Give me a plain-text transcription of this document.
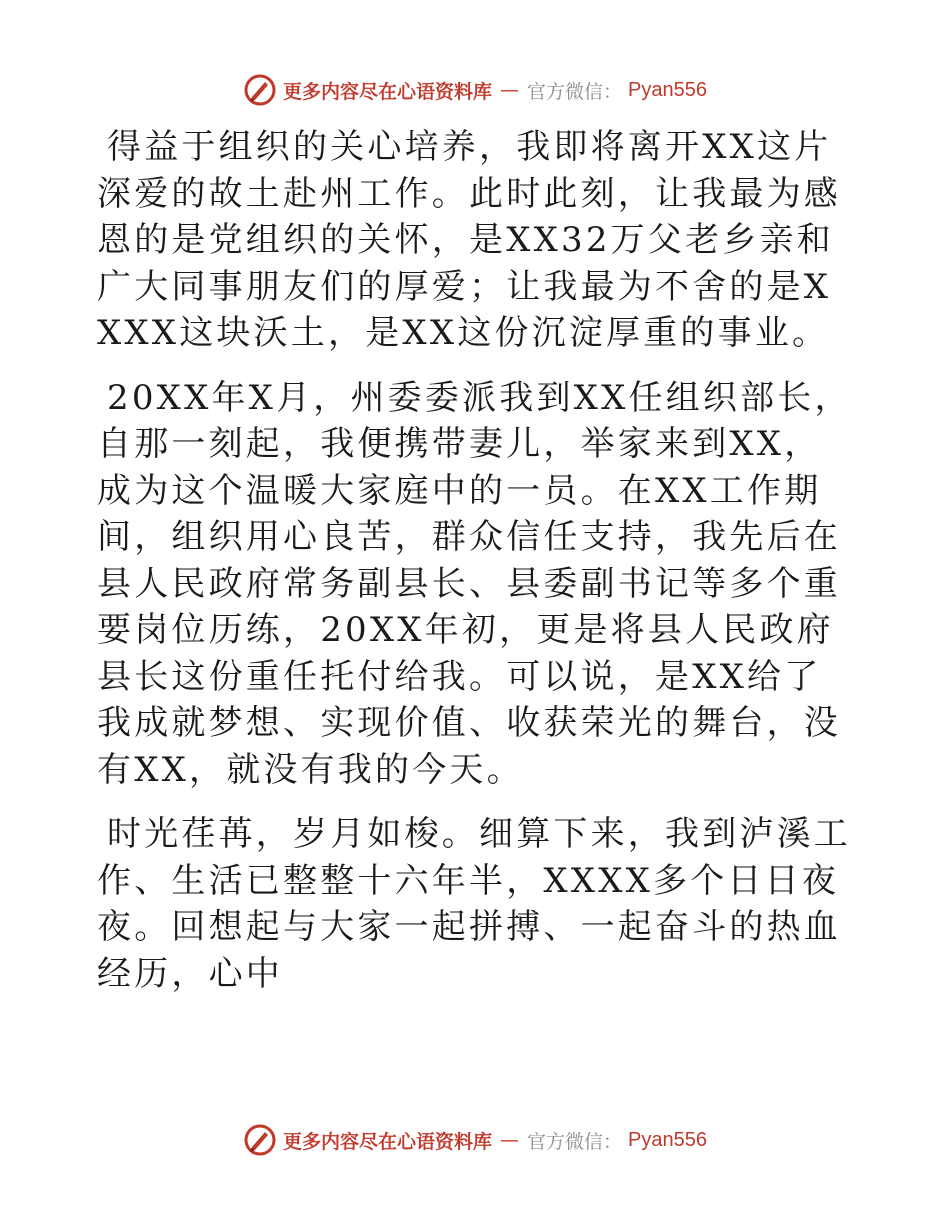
更多内容尽在心语资料库 — 官方微信： Pyan556

得益于组织的关心培养，我即将离开XX这片深爱的故土赴州工作。此时此刻，让我最为感恩的是党组织的关怀，是XX32万父老乡亲和广大同事朋友们的厚爱；让我最为不舍的是XXXX这块沃土，是XX这份沉淀厚重的事业。

20XX年X月，州委委派我到XX任组织部长，自那一刻起，我便携带妻儿，举家来到XX，成为这个温暖大家庭中的一员。在XX工作期间，组织用心良苦，群众信任支持，我先后在县人民政府常务副县长、县委副书记等多个重要岗位历练，20XX年初，更是将县人民政府县长这份重任托付给我。可以说，是XX给了我成就梦想、实现价值、收获荣光的舞台，没有XX，就没有我的今天。

时光荏苒，岁月如梭。细算下来，我到泸溪工作、生活已整整十六年半，XXXX多个日日夜夜。回想起与大家一起拼搏、一起奋斗的热血经历，心中

更多内容尽在心语资料库 — 官方微信： Pyan556
